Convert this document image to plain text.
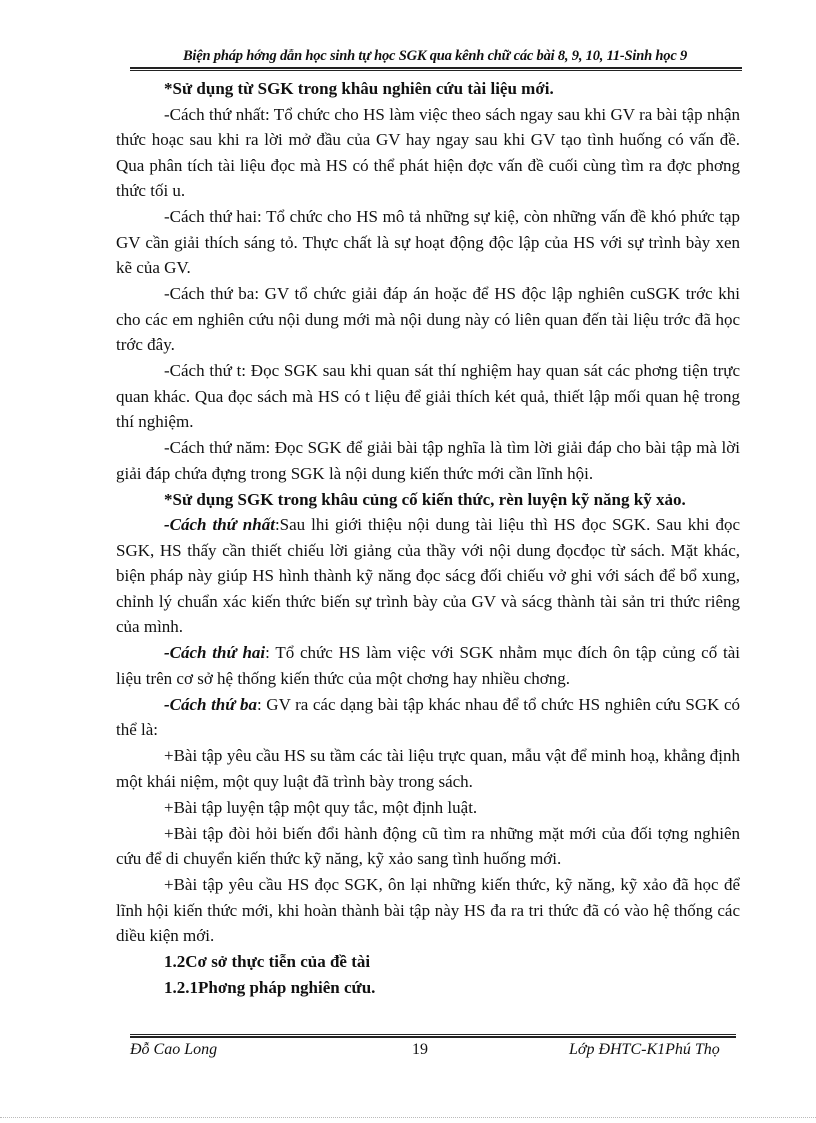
Biện pháp hớng dẫn học sinh tự học SGK qua kênh chữ các bài 8, 9, 10, 11-Sinh học 9

*Sử dụng từ SGK trong khâu nghiên cứu tài liệu mới.

-Cách thứ nhất: Tổ chức cho HS làm việc theo sách ngay sau khi GV ra bài tập nhận thức hoạc sau khi ra lời mở đầu của GV hay ngay sau khi GV tạo tình huống có vấn đề. Qua phân tích tài liệu đọc mà HS có thể phát hiện đợc vấn đề cuối cùng tìm ra đợc phơng thức tối u.

-Cách thứ hai: Tổ chức cho HS mô tả những sự kiệ, còn những vấn đề khó phức tạp GV cần giải thích sáng tỏ. Thực chất là sự hoạt động độc lập của HS với sự trình bày xen kẽ của GV.

-Cách thứ ba: GV tổ chức giải đáp án hoặc để HS độc lập nghiên cuSGK trớc khi cho các em nghiên cứu nội dung mới mà nội dung này có liên quan đến tài liệu trớc đã học trớc đây.

-Cách thứ t: Đọc SGK sau khi quan sát thí nghiệm hay quan sát các phơng tiện trực quan khác. Qua đọc sách mà HS có t liệu để giải thích két quả, thiết lập mối quan hệ trong thí nghiệm.

-Cách thứ năm: Đọc SGK để giải bài tập nghĩa là tìm lời giải đáp cho bài tập mà lời giải đáp chứa đựng trong SGK là nội dung kiến thức mới cần lĩnh hội.

*Sử dụng SGK trong khâu củng cố kiến thức, rèn luyện kỹ năng kỹ xảo.

-Cách thứ nhất:Sau lhi giới thiệu nội dung tài liệu thì HS đọc SGK. Sau khi đọc SGK, HS thấy cần thiết chiếu lời giảng của thầy với nội dung đọcđọc từ sách. Mặt khác, biện pháp này giúp HS hình thành kỹ năng đọc sácg đối chiếu vở ghi với sách để bổ xung, chỉnh lý chuẩn xác kiến thức biến sự trình bày của GV và sácg thành tài sản tri thức riêng của mình.

-Cách thứ hai: Tổ chức HS làm việc với SGK nhằm mục đích ôn tập củng cố tài liệu trên cơ sở hệ thống kiến thức của một chơng hay nhiều chơng.

-Cách thứ ba: GV ra các dạng bài tập khác nhau để tổ chức HS nghiên cứu SGK có thể là:

+Bài tập yêu cầu HS su tầm các tài liệu trực quan, mẫu vật để minh hoạ, khẳng định một khái niệm, một quy luật đã trình bày trong sách.

+Bài tập luyện tập một quy tắc, một định luật.

+Bài tập đòi hỏi biến đổi hành động cũ tìm ra những mặt mới của đối tợng nghiên cứu để di chuyển kiến thức kỹ năng, kỹ xảo sang tình huống mới.

+Bài tập yêu cầu HS đọc SGK, ôn lại những kiến thức, kỹ năng, kỹ xảo đã học để lĩnh hội kiến thức mới, khi hoàn thành bài tập này HS đa ra tri thức đã có vào hệ thống các diều kiện mới.

1.2Cơ sở thực tiễn của đề tài

1.2.1Phơng pháp nghiên cứu.

Đỗ Cao Long	19	Lớp ĐHTC-K1Phú Thọ
